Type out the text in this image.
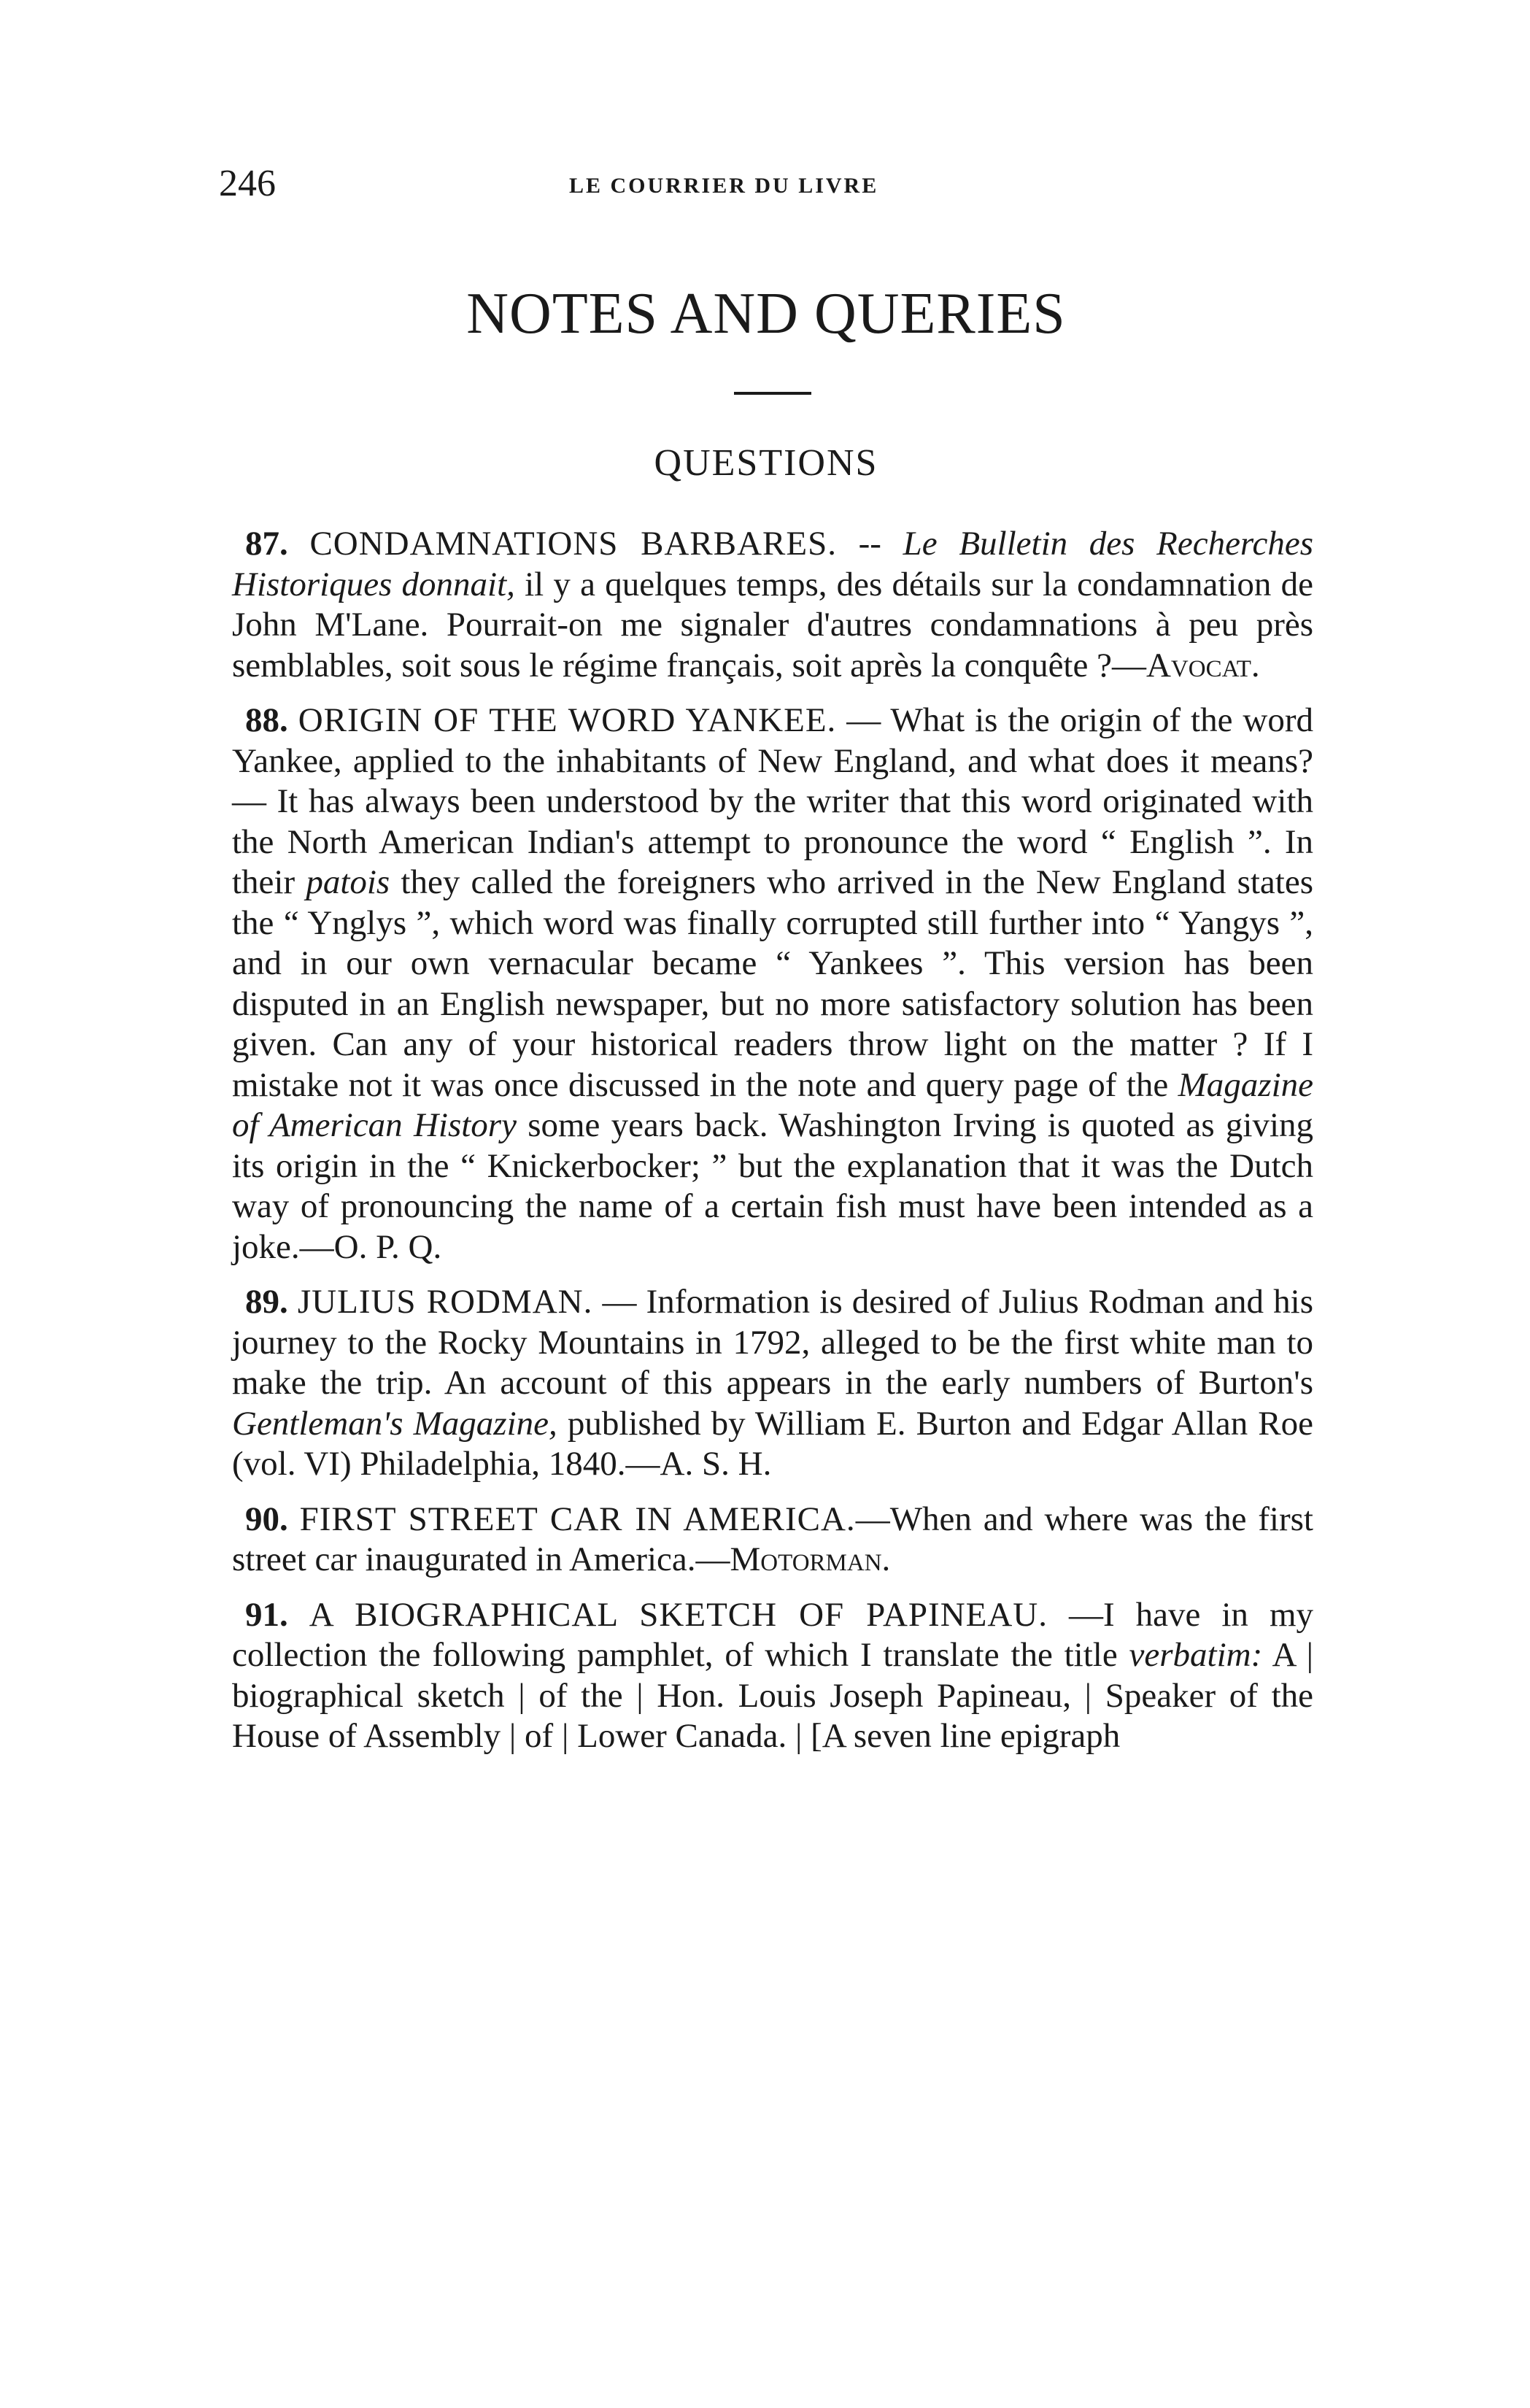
246	LE COURRIER DU LIVRE
NOTES AND QUERIES
QUESTIONS

87. CONDAMNATIONS BARBARES. -- Le Bulletin des Recherches Historiques donnait, il y a quelques temps, des détails sur la condamnation de John M'Lane. Pourrait-on me signaler d'autres condamnations à peu près semblables, soit sous le régime français, soit après la conquête ?—Avocat.

88. ORIGIN OF THE WORD YANKEE. — What is the origin of the word Yankee, applied to the inhabitants of New England, and what does it means?— It has always been understood by the writer that this word originated with the North American Indian's attempt to pronounce the word “ English ”. In their patois they called the foreigners who arrived in the New England states the “ Ynglys ”, which word was finally corrupted still further into “ Yangys ”, and in our own vernacular became “ Yankees ”. This version has been disputed in an English newspaper, but no more satisfactory solution has been given. Can any of your historical readers throw light on the matter ? If I mistake not it was once discussed in the note and query page of the Magazine of American History some years back. Washington Irving is quoted as giving its origin in the “ Knickerbocker; ” but the explanation that it was the Dutch way of pronouncing the name of a certain fish must have been intended as a joke.—O. P. Q.

89. JULIUS RODMAN. — Information is desired of Julius Rodman and his journey to the Rocky Mountains in 1792, alleged to be the first white man to make the trip. An account of this appears in the early numbers of Burton's Gentleman's Magazine, published by William E. Burton and Edgar Allan Roe (vol. VI) Philadelphia, 1840.—A. S. H.

90. FIRST STREET CAR IN AMERICA.—When and where was the first street car inaugurated in America.—Motorman.

91. A BIOGRAPHICAL SKETCH OF PAPINEAU. —I have in my collection the following pamphlet, of which I translate the title verbatim: A | biographical sketch | of the | Hon. Louis Joseph Papineau, | Speaker of the House of Assembly | of | Lower Canada. | [A seven line epigraph
